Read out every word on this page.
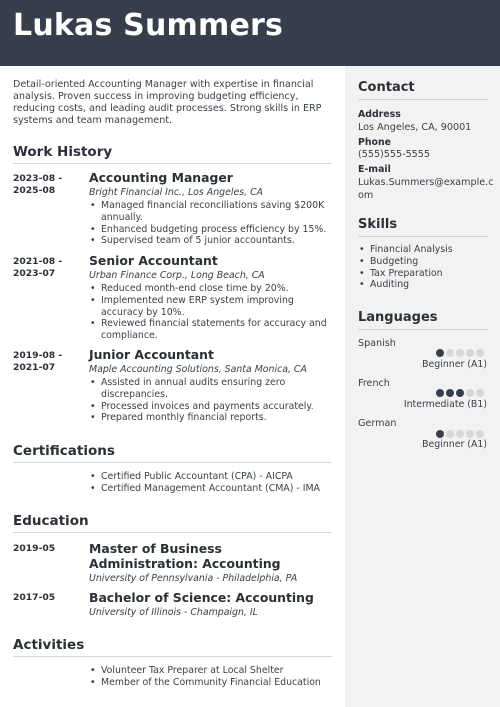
Lukas Summers

Detail-oriented Accounting Manager with expertise in financial analysis. Proven success in improving budgeting efficiency, reducing costs, and leading audit processes. Strong skills in ERP systems and team management.

Work History
2023-08 - 2025-08
Accounting Manager
Bright Financial Inc., Los Angeles, CA
• Managed financial reconciliations saving $200K annually.
• Enhanced budgeting process efficiency by 15%.
• Supervised team of 5 junior accountants.
2021-08 - 2023-07
Senior Accountant
Urban Finance Corp., Long Beach, CA
• Reduced month-end close time by 20%.
• Implemented new ERP system improving accuracy by 10%.
• Reviewed financial statements for accuracy and compliance.
2019-08 - 2021-07
Junior Accountant
Maple Accounting Solutions, Santa Monica, CA
• Assisted in annual audits ensuring zero discrepancies.
• Processed invoices and payments accurately.
• Prepared monthly financial reports.
Certifications
• Certified Public Accountant (CPA) - AICPA
• Certified Management Accountant (CMA) - IMA
Education
2019-05	Master of Business Administration: Accounting
University of Pennsylvania - Philadelphia, PA
2017-05	Bachelor of Science: Accounting
University of Illinois - Champaign, IL
Activities
• Volunteer Tax Preparer at Local Shelter
• Member of the Community Financial Education
Contact
Address
Los Angeles, CA, 90001
Phone
(555)555-5555
E-mail
Lukas.Summers@example.com
Skills
• Financial Analysis
• Budgeting
• Tax Preparation
• Auditing
Languages
Spanish
Beginner (A1)
French
Intermediate (B1)
German
Beginner (A1)
